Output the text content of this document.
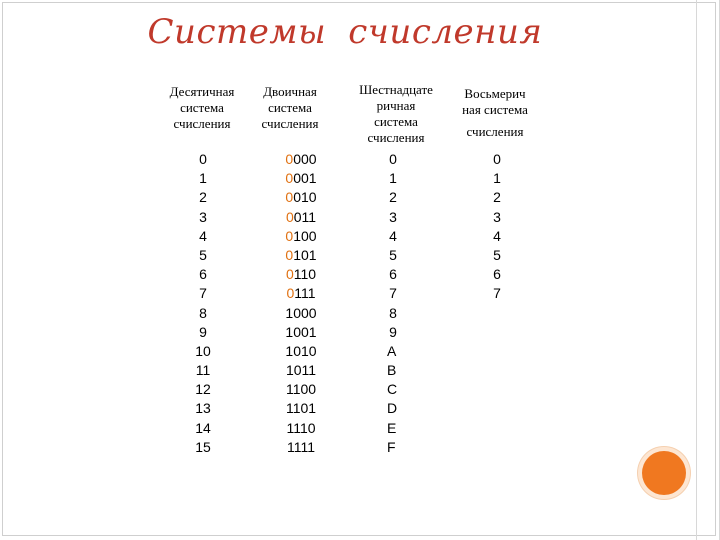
Системы счисления
Десятичная
система
счисления
Двоичная
система
счисления
Шестнадцате
ричная
система
счисления
Восьмерич
ная система
счисления
0
1
2
3
4
5
6
7
8
9
10
11
12
13
14
15
0000
0001
0010
0011
0100
0101
0110
0111
1000
1001
1010
1011
1100
1101
1110
1111
0
1
2
3
4
5
6
7
8
9
A
B
C
D
E
F
0
1
2
3
4
5
6
7
